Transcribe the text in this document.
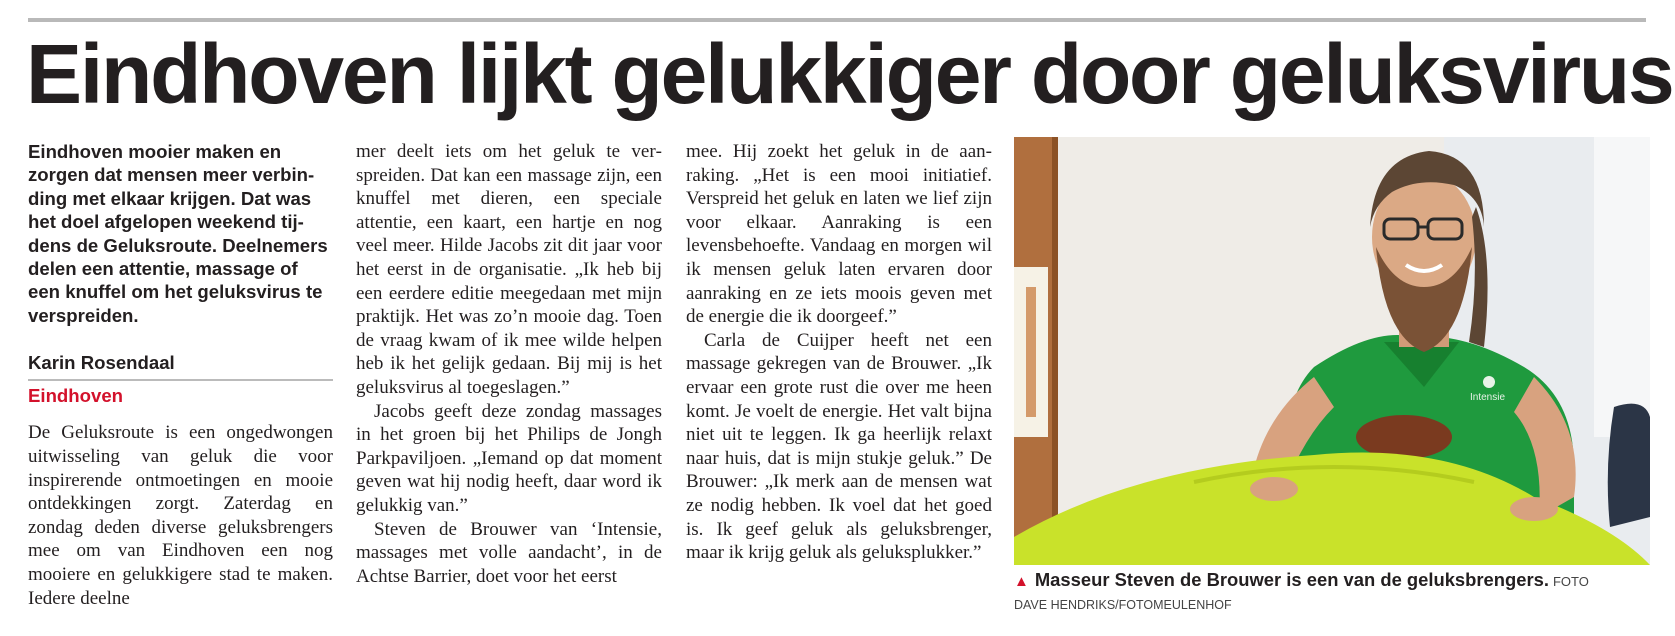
Eindhoven lijkt gelukkiger door geluksvirus

Eindhoven mooier maken en zorgen dat mensen meer verbinding met elkaar krijgen. Dat was het doel afgelopen weekend tijdens de Geluksroute. Deelnemers delen een attentie, massage of een knuffel om het geluksvirus te verspreiden.

Karin Rosendaal
Eindhoven

De Geluksroute is een ongedwongen uitwisseling van geluk die voor inspirerende ontmoetingen en mooie ontdekkingen zorgt. Zaterdag en zondag deden diverse geluksbrengers mee om van Eindhoven een nog mooiere en gelukkigere stad te maken. Iedere deelne

mer deelt iets om het geluk te verspreiden. Dat kan een massage zijn, een knuffel met dieren, een speciale attentie, een kaart, een hartje en nog veel meer. Hilde Jacobs zit dit jaar voor het eerst in de organisatie. „Ik heb bij een eerdere editie meegedaan met mijn praktijk. Het was zo’n mooie dag. Toen de vraag kwam of ik mee wilde helpen heb ik het gelijk gedaan. Bij mij is het geluksvirus al toegeslagen.”

Jacobs geeft deze zondag massages in het groen bij het Philips de Jongh Parkpaviljoen. „Iemand op dat moment geven wat hij nodig heeft, daar word ik gelukkig van.”

Steven de Brouwer van ‘Intensie, massages met volle aandacht’, in de Achtse Barrier, doet voor het eerst

mee. Hij zoekt het geluk in de aanraking. „Het is een mooi initiatief. Verspreid het geluk en laten we lief zijn voor elkaar. Aanraking is een levensbehoefte. Vandaag en morgen wil ik mensen geluk laten ervaren door aanraking en ze iets moois geven met de energie die ik doorgeef.”

Carla de Cuijper heeft net een massage gekregen van de Brouwer. „Ik ervaar een grote rust die over me heen komt. Je voelt de energie. Het valt bijna niet uit te leggen. Ik ga heerlijk relaxt naar huis, dat is mijn stukje geluk.” De Brouwer: „Ik merk aan de mensen wat ze nodig hebben. Ik voel dat het goed is. Ik geef geluk als geluksbrenger, maar ik krijg geluk als geluksplukker.”

Intensie
▲ Masseur Steven de Brouwer is een van de geluksbrengers. FOTO
DAVE HENDRIKS/FOTOMEULENHOF
